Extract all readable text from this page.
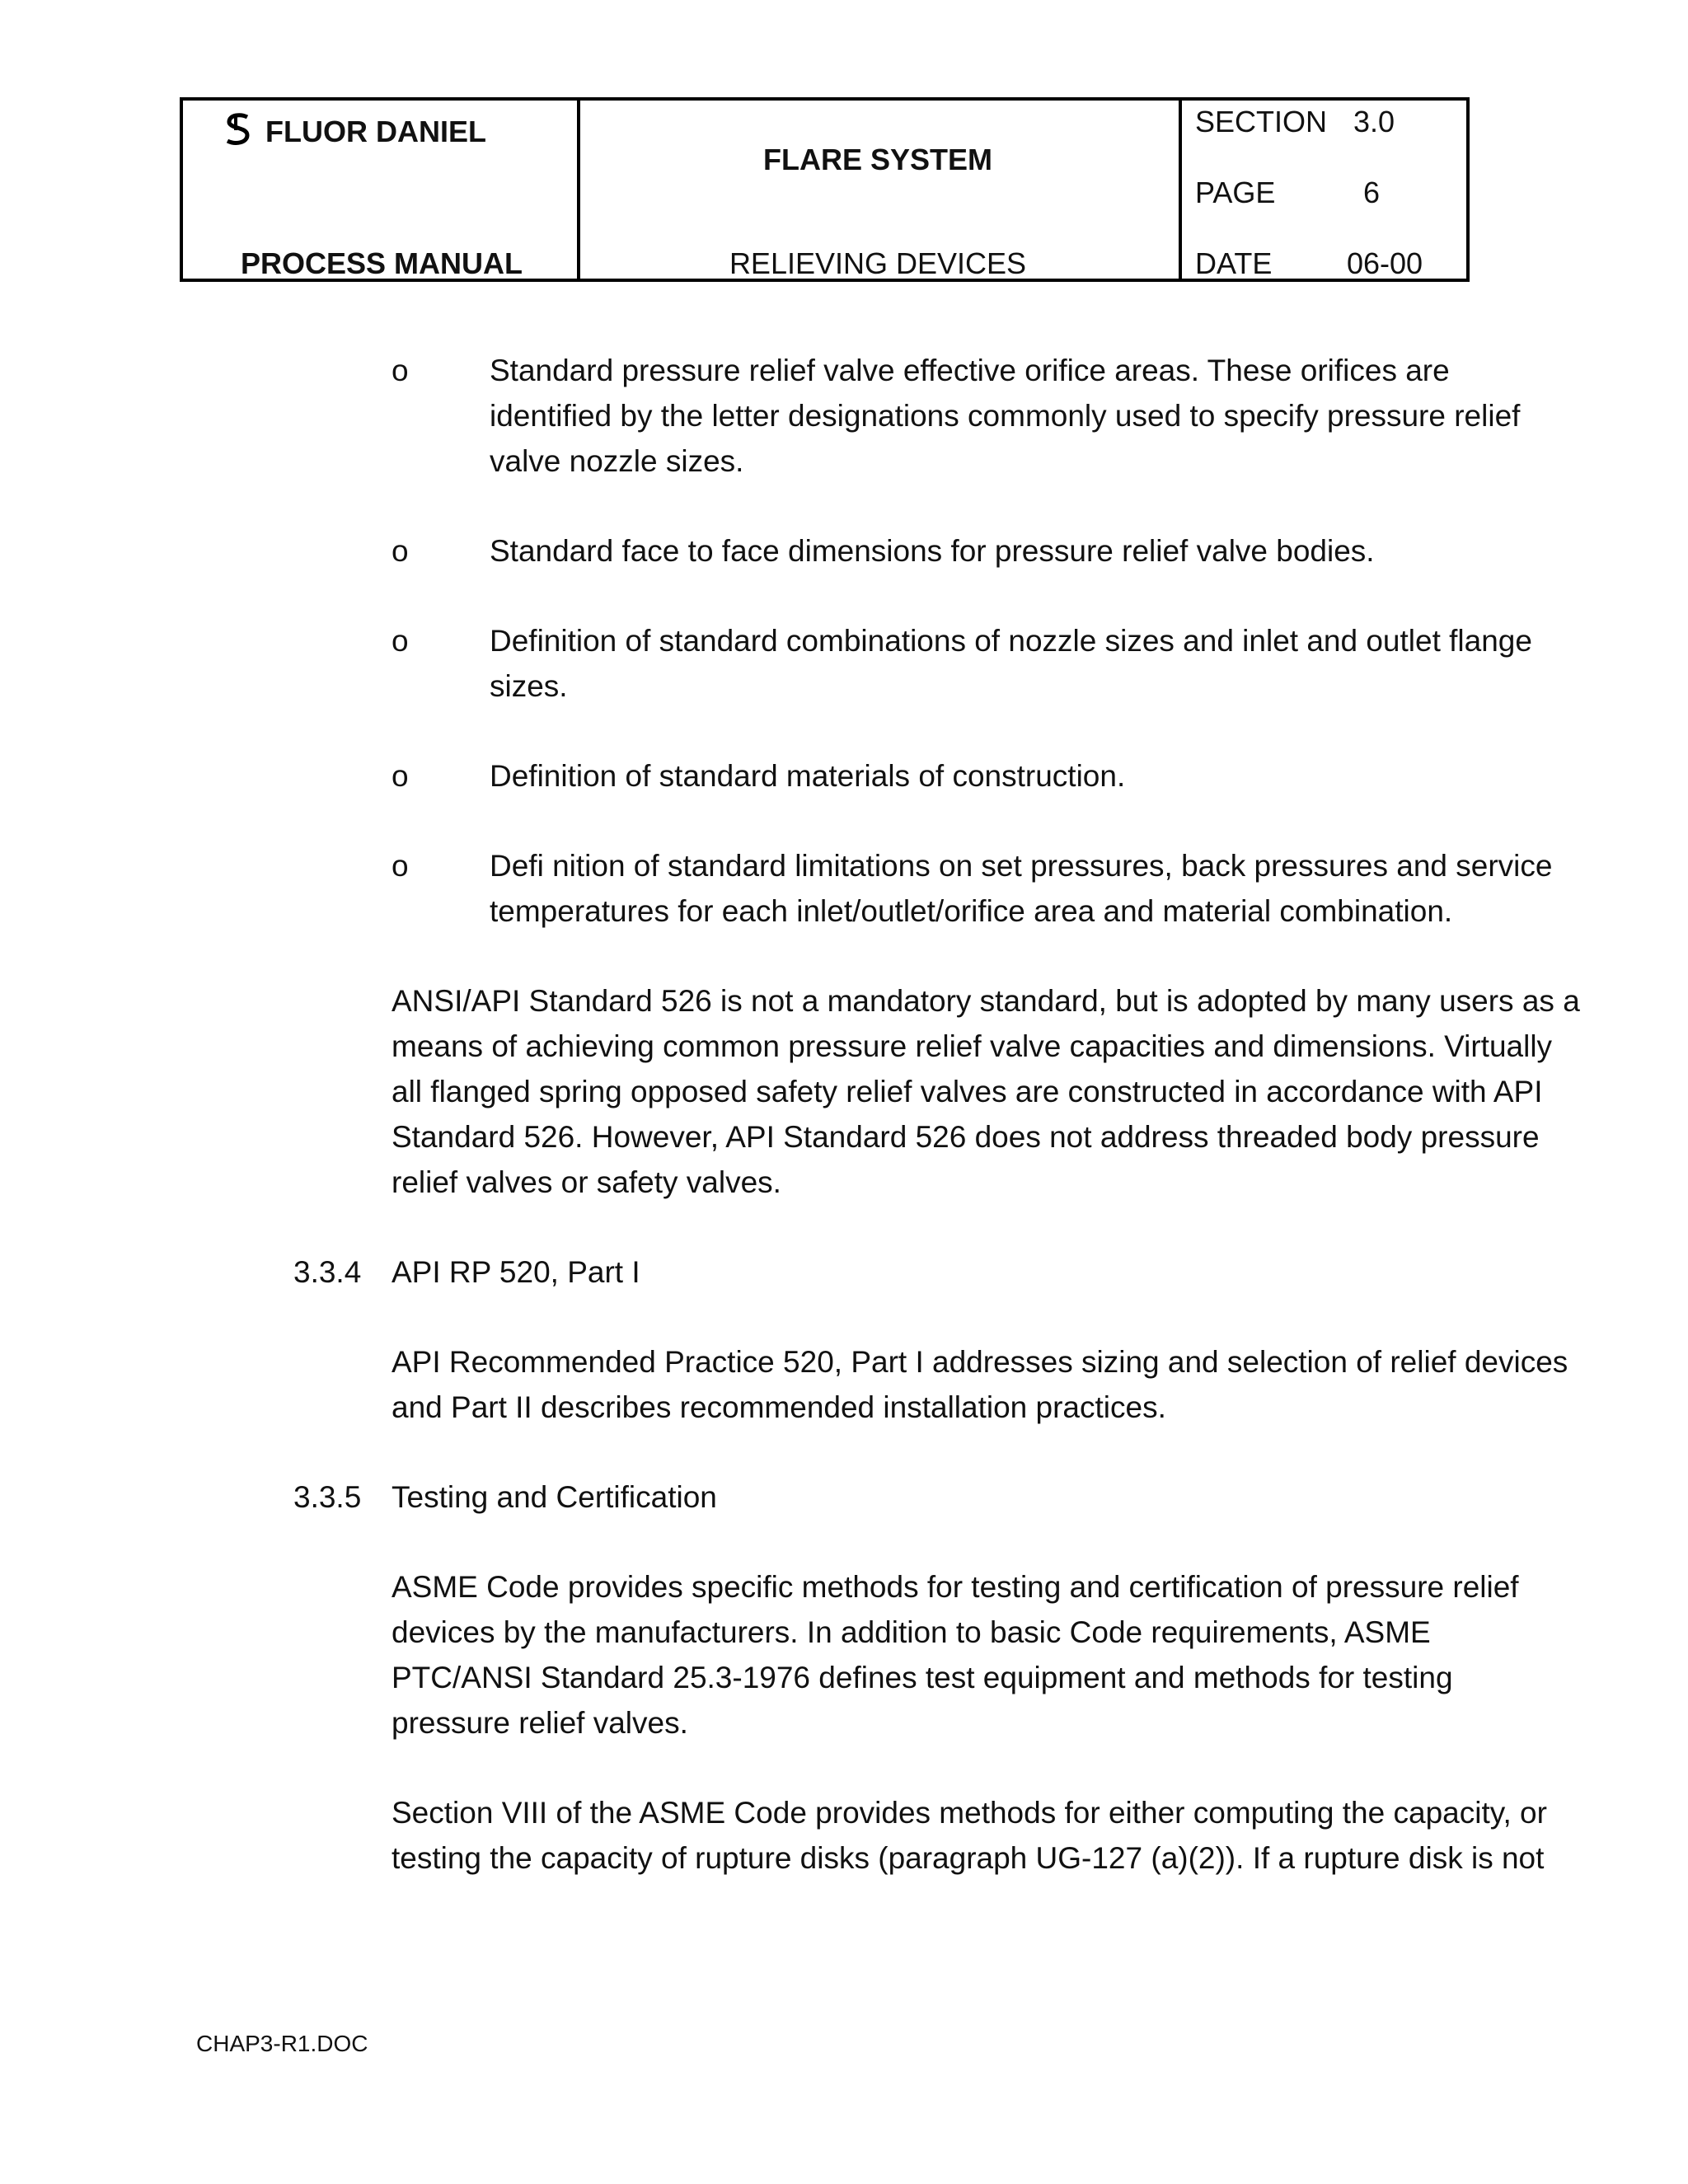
FLUOR DANIEL
PROCESS MANUAL
FLARE SYSTEM
RELIEVING DEVICES
SECTION 3.0
PAGE	6
DATE	06-00
o	Standard pressure relief valve effective orifice areas. These orifices are
identified by the letter designations commonly used to specify pressure relief
valve nozzle sizes.
o	Standard face to face dimensions for pressure relief valve bodies.
o	Definition of standard combinations of nozzle sizes and inlet and outlet flange
sizes.
o	Definition of standard materials of construction.
o	Defi nition of standard limitations on set pressures, back pressures and service
temperatures for each inlet/outlet/orifice area and material combination.
ANSI/API Standard 526 is not a mandatory standard, but is adopted by many users as a
means of achieving common pressure relief valve capacities and dimensions. Virtually
all flanged spring opposed safety relief valves are constructed in accordance with API
Standard 526. However, API Standard 526 does not address threaded body pressure
relief valves or safety valves.
3.3.4 API RP 520, Part I
API Recommended Practice 520, Part I addresses sizing and selection of relief devices
and Part II describes recommended installation practices.
3.3.5 Testing and Certification
ASME Code provides specific methods for testing and certification of pressure relief
devices by the manufacturers. In addition to basic Code requirements, ASME
PTC/ANSI Standard 25.3-1976 defines test equipment and methods for testing
pressure relief valves.
Section VIII of the ASME Code provides methods for either computing the capacity, or
testing the capacity of rupture disks (paragraph UG-127 (a)(2)). If a rupture disk is not
CHAP3-R1.DOC
